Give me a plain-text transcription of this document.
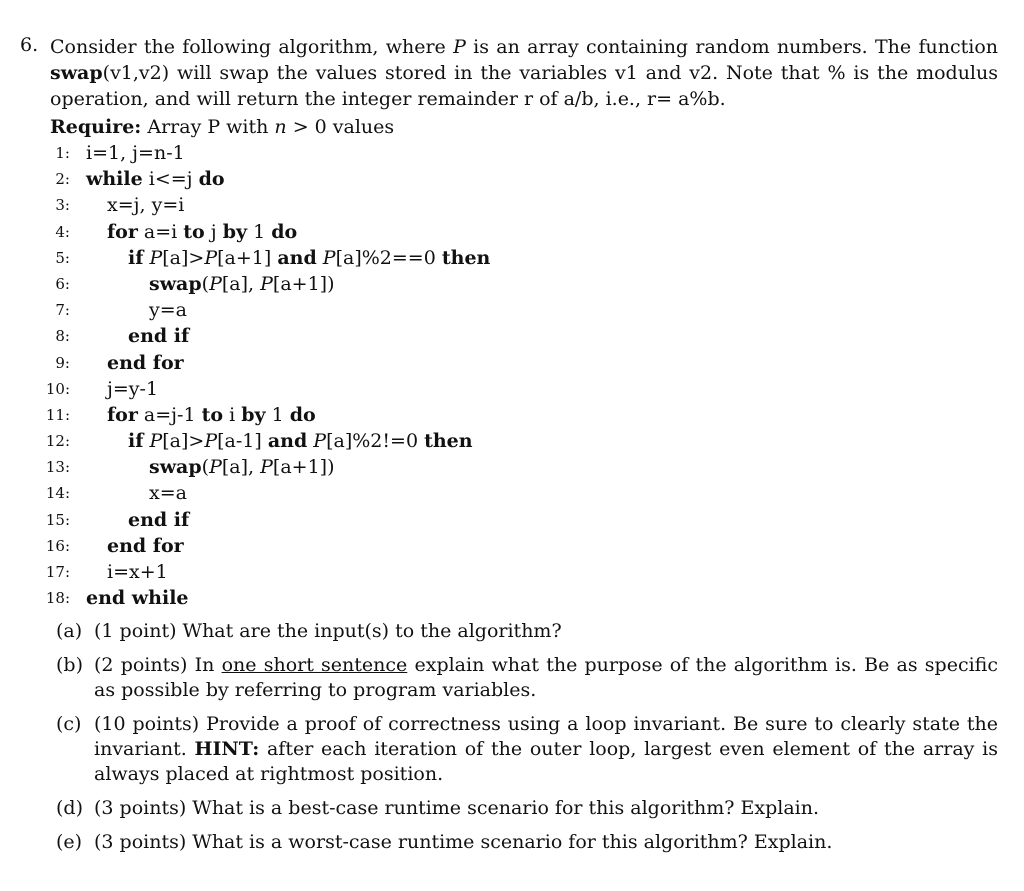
6. Consider the following algorithm, where P is an array containing random numbers. The function swap(v1,v2) will swap the values stored in the variables v1 and v2. Note that % is the modulus operation, and will return the integer remainder r of a/b, i.e., r= a%b.
Require: Array P with n > 0 values
1: i=1, j=n-1
2: while i<=j do
3: x=j, y=i
4: for a=i to j by 1 do
5:	if P[a]>P[a+1] and P[a]%2==0 then
6:	swap(P[a], P[a+1])
7:	y=a
8:	end if
9: end for
10: j=y-1
11: for a=j-1 to i by 1 do
12:	if P[a]>P[a-1] and P[a]%2!=0 then
13:	swap(P[a], P[a+1])
14:	x=a
15:	end if
16: end for
17: i=x+1
18: end while
(a) (1 point) What are the input(s) to the algorithm?
(b) (2 points) In one short sentence explain what the purpose of the algorithm is. Be as specific as possible by referring to program variables.
(c) (10 points) Provide a proof of correctness using a loop invariant. Be sure to clearly state the invariant. HINT: after each iteration of the outer loop, largest even element of the array is always placed at rightmost position.
(d) (3 points) What is a best-case runtime scenario for this algorithm? Explain.
(e) (3 points) What is a worst-case runtime scenario for this algorithm? Explain.
